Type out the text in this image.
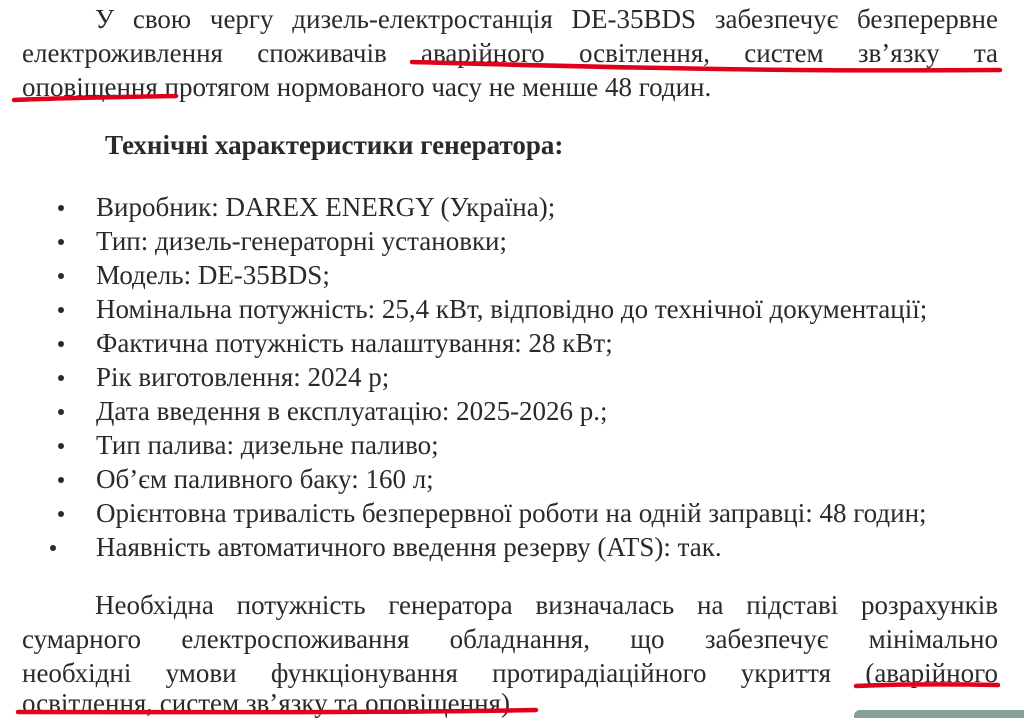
У свою чергу дизель-електростанція DE-35BDS забезпечує безперервне
електроживлення споживачів аварійного освітлення, систем зв’язку та
оповіщення протягом нормованого часу не менше 48 годин.
Технічні характеристики генератора:
Виробник: DAREX ENERGY (Україна);
Тип: дизель-генераторні установки;
Модель: DE-35BDS;
Номінальна потужність: 25,4 кВт, відповідно до технічної документації;
Фактична потужність налаштування: 28 кВт;
Рік виготовлення: 2024 р;
Дата введення в експлуатацію: 2025-2026 р.;
Тип палива: дизельне паливо;
Об’єм паливного баку: 160 л;
Орієнтовна тривалість безперервної роботи на одній заправці: 48 годин;
Наявність автоматичного введення резерву (ATS): так.
Необхідна потужність генератора визначалась на підставі розрахунків
сумарного електроспоживання обладнання, що забезпечує мінімально
необхідні умови функціонування протирадіаційного укриття (аварійного
освітлення, систем зв’язку та оповіщення).
